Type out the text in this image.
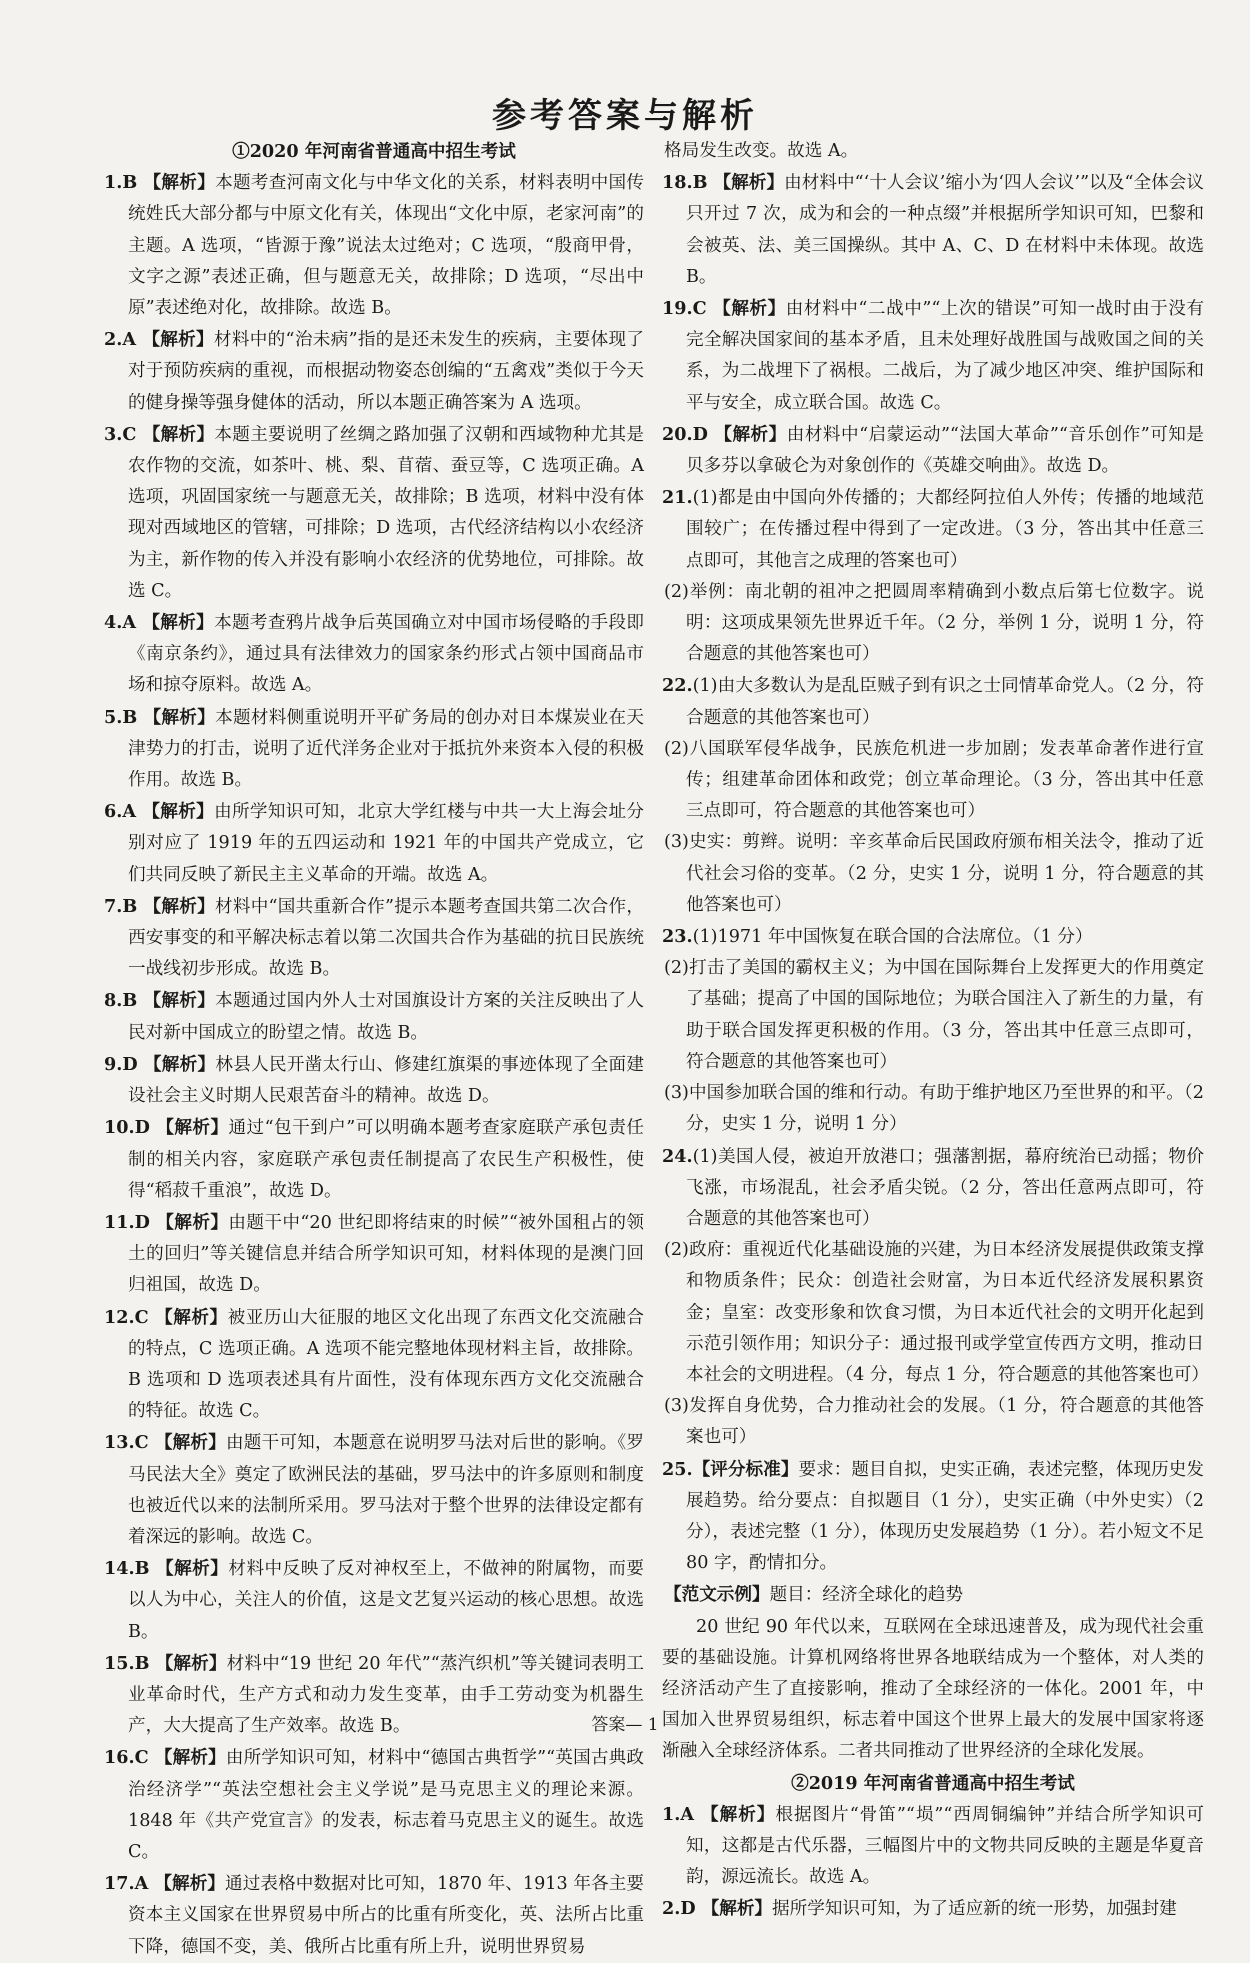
参考答案与解析

①2020 年河南省普通高中招生考试

1.B 【解析】本题考查河南文化与中华文化的关系，材料表明中国传统姓氏大部分都与中原文化有关，体现出“文化中原，老家河南”的主题。A 选项，“皆源于豫”说法太过绝对；C 选项，“殷商甲骨，文字之源”表述正确，但与题意无关，故排除；D 选项，“尽出中原”表述绝对化，故排除。故选 B。

2.A 【解析】材料中的“治未病”指的是还未发生的疾病，主要体现了对于预防疾病的重视，而根据动物姿态创编的“五禽戏”类似于今天的健身操等强身健体的活动，所以本题正确答案为 A 选项。

3.C 【解析】本题主要说明了丝绸之路加强了汉朝和西域物种尤其是农作物的交流，如茶叶、桃、梨、苜蓿、蚕豆等，C 选项正确。A 选项，巩固国家统一与题意无关，故排除；B 选项，材料中没有体现对西域地区的管辖，可排除；D 选项，古代经济结构以小农经济为主，新作物的传入并没有影响小农经济的优势地位，可排除。故选 C。

4.A 【解析】本题考查鸦片战争后英国确立对中国市场侵略的手段即《南京条约》，通过具有法律效力的国家条约形式占领中国商品市场和掠夺原料。故选 A。

5.B 【解析】本题材料侧重说明开平矿务局的创办对日本煤炭业在天津势力的打击，说明了近代洋务企业对于抵抗外来资本入侵的积极作用。故选 B。

6.A 【解析】由所学知识可知，北京大学红楼与中共一大上海会址分别对应了 1919 年的五四运动和 1921 年的中国共产党成立，它们共同反映了新民主主义革命的开端。故选 A。

7.B 【解析】材料中“国共重新合作”提示本题考查国共第二次合作，西安事变的和平解决标志着以第二次国共合作为基础的抗日民族统一战线初步形成。故选 B。

8.B 【解析】本题通过国内外人士对国旗设计方案的关注反映出了人民对新中国成立的盼望之情。故选 B。

9.D 【解析】林县人民开凿太行山、修建红旗渠的事迹体现了全面建设社会主义时期人民艰苦奋斗的精神。故选 D。

10.D 【解析】通过“包干到户”可以明确本题考查家庭联产承包责任制的相关内容，家庭联产承包责任制提高了农民生产积极性，使得“稻菽千重浪”，故选 D。

11.D 【解析】由题干中“20 世纪即将结束的时候”“被外国租占的领土的回归”等关键信息并结合所学知识可知，材料体现的是澳门回归祖国，故选 D。

12.C 【解析】被亚历山大征服的地区文化出现了东西文化交流融合的特点，C 选项正确。A 选项不能完整地体现材料主旨，故排除。B 选项和 D 选项表述具有片面性，没有体现东西方文化交流融合的特征。故选 C。

13.C 【解析】由题干可知，本题意在说明罗马法对后世的影响。《罗马民法大全》奠定了欧洲民法的基础，罗马法中的许多原则和制度也被近代以来的法制所采用。罗马法对于整个世界的法律设定都有着深远的影响。故选 C。

14.B 【解析】材料中反映了反对神权至上，不做神的附属物，而要以人为中心，关注人的价值，这是文艺复兴运动的核心思想。故选 B。

15.B 【解析】材料中“19 世纪 20 年代”“蒸汽织机”等关键词表明工业革命时代，生产方式和动力发生变革，由手工劳动变为机器生产，大大提高了生产效率。故选 B。

16.C 【解析】由所学知识可知，材料中“德国古典哲学”“英国古典政治经济学”“英法空想社会主义学说”是马克思主义的理论来源。1848 年《共产党宣言》的发表，标志着马克思主义的诞生。故选 C。

17.A 【解析】通过表格中数据对比可知，1870 年、1913 年各主要资本主义国家在世界贸易中所占的比重有所变化，英、法所占比重下降，德国不变，美、俄所占比重有所上升，说明世界贸易

格局发生改变。故选 A。

18.B 【解析】由材料中“‘十人会议’缩小为‘四人会议’”以及“全体会议只开过 7 次，成为和会的一种点缀”并根据所学知识可知，巴黎和会被英、法、美三国操纵。其中 A、C、D 在材料中未体现。故选 B。

19.C 【解析】由材料中“二战中”“上次的错误”可知一战时由于没有完全解决国家间的基本矛盾，且未处理好战胜国与战败国之间的关系，为二战埋下了祸根。二战后，为了减少地区冲突、维护国际和平与安全，成立联合国。故选 C。

20.D 【解析】由材料中“启蒙运动”“法国大革命”“音乐创作”可知是贝多芬以拿破仑为对象创作的《英雄交响曲》。故选 D。

21.(1)都是由中国向外传播的；大都经阿拉伯人外传；传播的地域范围较广；在传播过程中得到了一定改进。（3 分，答出其中任意三点即可，其他言之成理的答案也可）

(2)举例：南北朝的祖冲之把圆周率精确到小数点后第七位数字。说明：这项成果领先世界近千年。（2 分，举例 1 分，说明 1 分，符合题意的其他答案也可）

22.(1)由大多数认为是乱臣贼子到有识之士同情革命党人。（2 分，符合题意的其他答案也可）

(2)八国联军侵华战争，民族危机进一步加剧；发表革命著作进行宣传；组建革命团体和政党；创立革命理论。（3 分，答出其中任意三点即可，符合题意的其他答案也可）

(3)史实：剪辫。说明：辛亥革命后民国政府颁布相关法令，推动了近代社会习俗的变革。（2 分，史实 1 分，说明 1 分，符合题意的其他答案也可）

23.(1)1971 年中国恢复在联合国的合法席位。（1 分）

(2)打击了美国的霸权主义；为中国在国际舞台上发挥更大的作用奠定了基础；提高了中国的国际地位；为联合国注入了新生的力量，有助于联合国发挥更积极的作用。（3 分，答出其中任意三点即可，符合题意的其他答案也可）

(3)中国参加联合国的维和行动。有助于维护地区乃至世界的和平。（2 分，史实 1 分，说明 1 分）

24.(1)美国人侵，被迫开放港口；强藩割据，幕府统治已动摇；物价飞涨，市场混乱，社会矛盾尖锐。（2 分，答出任意两点即可，符合题意的其他答案也可）

(2)政府：重视近代化基础设施的兴建，为日本经济发展提供政策支撑和物质条件；民众：创造社会财富，为日本近代经济发展积累资金；皇室：改变形象和饮食习惯，为日本近代社会的文明开化起到示范引领作用；知识分子：通过报刊或学堂宣传西方文明，推动日本社会的文明进程。（4 分，每点 1 分，符合题意的其他答案也可）

(3)发挥自身优势，合力推动社会的发展。（1 分，符合题意的其他答案也可）

25.【评分标准】要求：题目自拟，史实正确，表述完整，体现历史发展趋势。给分要点：自拟题目（1 分），史实正确（中外史实）（2 分），表述完整（1 分），体现历史发展趋势（1 分）。若小短文不足 80 字，酌情扣分。

【范文示例】题目：经济全球化的趋势

20 世纪 90 年代以来，互联网在全球迅速普及，成为现代社会重要的基础设施。计算机网络将世界各地联结成为一个整体，对人类的经济活动产生了直接影响，推动了全球经济的一体化。2001 年，中国加入世界贸易组织，标志着中国这个世界上最大的发展中国家将逐渐融入全球经济体系。二者共同推动了世界经济的全球化发展。

②2019 年河南省普通高中招生考试

1.A 【解析】根据图片“骨笛”“埙”“西周铜编钟”并结合所学知识可知，这都是古代乐器，三幅图片中的文物共同反映的主题是华夏音韵，源远流长。故选 A。

2.D 【解析】据所学知识可知，为了适应新的统一形势，加强封建

答案— 1
